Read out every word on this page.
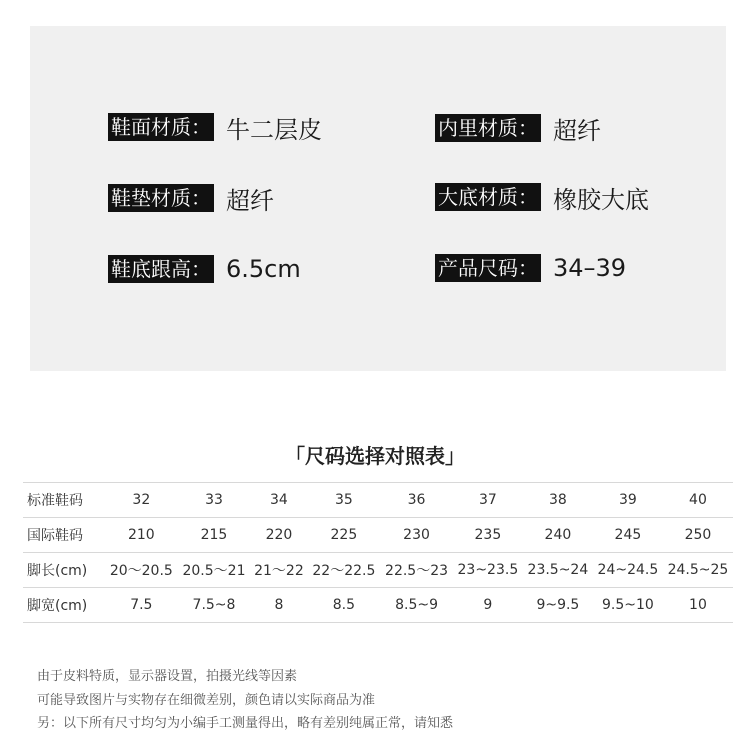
鞋面材质： 牛二层皮	内里材质： 超纤
鞋垫材质： 超纤	大底材质： 橡胶大底
鞋底跟高： 6.5cm	产品尺码： 34–39
「尺码选择对照表」
标准鞋码	32	33	34	35	36	37	38	39	40
国际鞋码	210	215	220	225	230	235	240	245	250
脚长(cm)	20～20.5	20.5～21	21～22	22～22.5	22.5～23	23~23.5	23.5~24	24~24.5	24.5~25
脚宽(cm)	7.5	7.5~8	8	8.5	8.5~9	9	9~9.5	9.5~10	10

由于皮料特质，显示器设置，拍摄光线等因素

可能导致图片与实物存在细微差别，颜色请以实际商品为准

另：以下所有尺寸均匀为小编手工测量得出，略有差别纯属正常，请知悉
